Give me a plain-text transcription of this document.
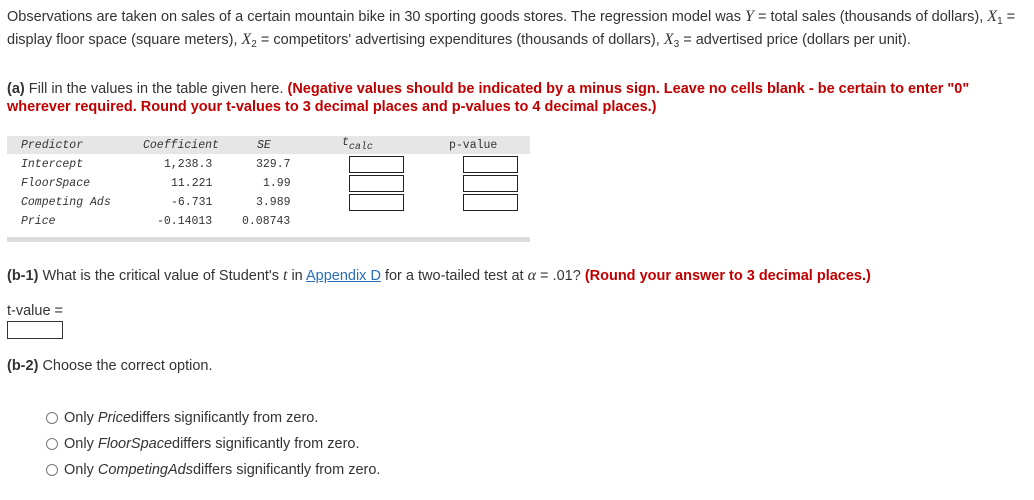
Observations are taken on sales of a certain mountain bike in 30 sporting goods stores. The regression model was Y = total sales (thousands of dollars), $X_1$ = display floor space (square meters), $X_2$ = competitors' advertising expenditures (thousands of dollars), $X_3$ = advertised price (dollars per unit).
(a) Fill in the values in the table given here. (Negative values should be indicated by a minus sign. Leave no cells blank - be certain to enter "0" wherever required. Round your t-values to 3 decimal places and p-values to 4 decimal places.)
Predictor	Coefficient	SE	$t_{calc}$	p-value
Intercept	1,238.3	329.7
FloorSpace	11.221	1.99
Competing Ads	-6.731	3.989
Price	-0.14013	0.08743
(b-1) What is the critical value of Student's t in Appendix D for a two-tailed test at α = .01? (Round your answer to 3 decimal places.)
t-value =
(b-2) Choose the correct option.
Only
Price differs significantly from zero.
Only
FloorSpace differs significantly from zero.
Only
CompetingAds differs significantly from zero.
